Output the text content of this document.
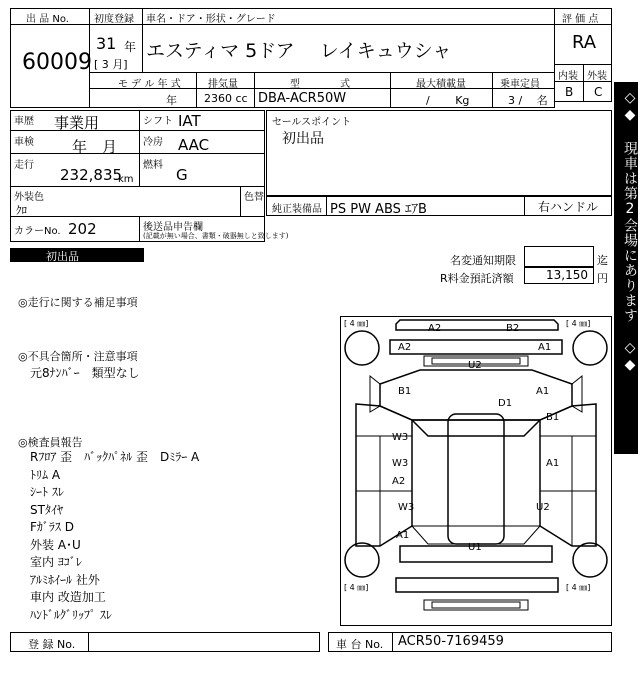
出 品 No.
60009
初度登録
31 年
[ 3 月]
車名・ドア・形状・グレード
エスティマ 5ドア　 レイキュウシャ
モ デ ル 年 式	排気量	型　　　　式	最大積載量	乗車定員
年 2360 cc DBA-ACR50W	/　　 Kg	3 /　 名
評 価 点
RA
内装 外装
B C
車歴 事業用	シフト IAT
車検	年　月	冷房 AAC
走行
232,835
km
燃料
G
外装色
ｸﾛ
色替
カラーNo. 202	後送品申告欄
(記載が無い場合、書類・破器無しと致します)
セールスポイント
初出品
純正装備品 PS PW ABS ｴｱB	右ハンドル
初出品	名変通知期限	迄
R料金預託済額	13,150 円
◎走行に関する補足事項
◎不具合箇所・注意事項
元8ﾅﾝﾊﾞｰ　類型なし
◎検査員報告
Rﾌﾛｱ 歪　ﾊﾞｯｸﾊﾟﾈﾙ 歪　Dﾐﾗｰ A
ﾄﾘﾑ A
ｼｰﾄ ｽﾚ
STﾀｲﾔ
Fｶﾞﾗｽ D
外装 A･U
室内 ﾖｺﾞﾚ
ｱﾙﾐﾎｲｰﾙ 社外
車内 改造加工
ﾊﾝﾄﾞﾙｸﾞﾘｯﾌﾟ ｽﾚ
[ 4 ㎜]	[ 4 ㎜]
[ 4 ㎜]	[ 4 ㎜]
A2	B2
A2	A1
U2
B1	A1
D1
B1
W3
W3
A2
A1
W3
A1
U2
U1
◇◆ 現車は第2会場にあります ◇◆
登 録 No.	車 台 No. ACR50-7169459
